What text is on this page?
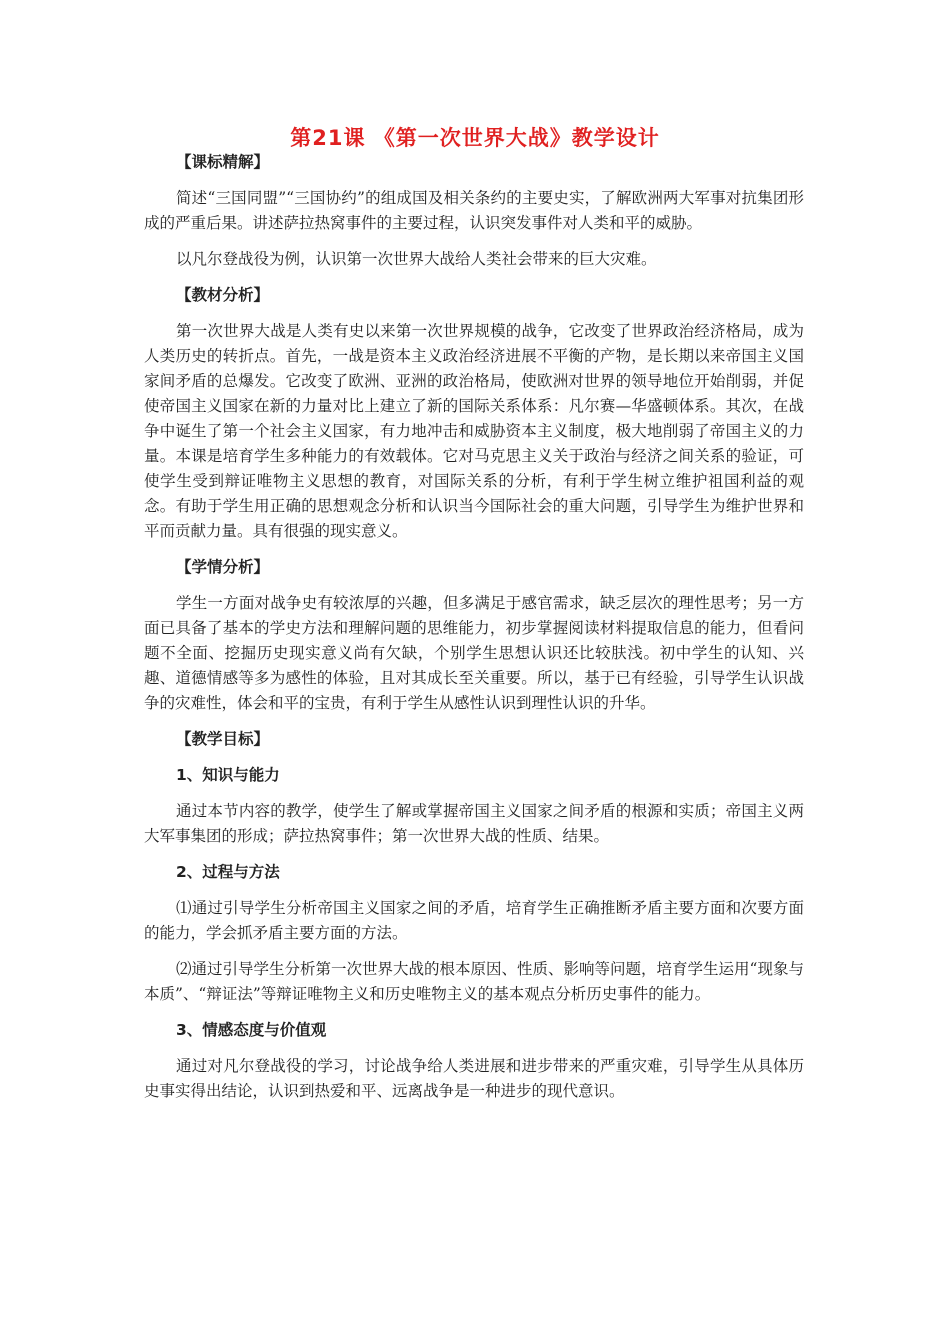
第21课 《第一次世界大战》教学设计
【课标精解】

简述“三国同盟”“三国协约”的组成国及相关条约的主要史实，了解欧洲两大军事对抗集团形成的严重后果。讲述萨拉热窝事件的主要过程，认识突发事件对人类和平的威胁。

以凡尔登战役为例，认识第一次世界大战给人类社会带来的巨大灾难。

【教材分析】

第一次世界大战是人类有史以来第一次世界规模的战争，它改变了世界政治经济格局，成为人类历史的转折点。首先，一战是资本主义政治经济进展不平衡的产物，是长期以来帝国主义国家间矛盾的总爆发。它改变了欧洲、亚洲的政治格局，使欧洲对世界的领导地位开始削弱，并促使帝国主义国家在新的力量对比上建立了新的国际关系体系：凡尔赛—华盛顿体系。其次，在战争中诞生了第一个社会主义国家，有力地冲击和威胁资本主义制度，极大地削弱了帝国主义的力量。本课是培育学生多种能力的有效载体。它对马克思主义关于政治与经济之间关系的验证，可使学生受到辩证唯物主义思想的教育，对国际关系的分析，有利于学生树立维护祖国利益的观念。有助于学生用正确的思想观念分析和认识当今国际社会的重大问题，引导学生为维护世界和平而贡献力量。具有很强的现实意义。

【学情分析】

学生一方面对战争史有较浓厚的兴趣，但多满足于感官需求，缺乏层次的理性思考；另一方面已具备了基本的学史方法和理解问题的思维能力，初步掌握阅读材料提取信息的能力，但看问题不全面、挖掘历史现实意义尚有欠缺，个别学生思想认识还比较肤浅。初中学生的认知、兴趣、道德情感等多为感性的体验，且对其成长至关重要。所以，基于已有经验，引导学生认识战争的灾难性，体会和平的宝贵，有利于学生从感性认识到理性认识的升华。

【教学目标】
1、知识与能力

通过本节内容的教学，使学生了解或掌握帝国主义国家之间矛盾的根源和实质；帝国主义两大军事集团的形成；萨拉热窝事件；第一次世界大战的性质、结果。

2、过程与方法

⑴通过引导学生分析帝国主义国家之间的矛盾，培育学生正确推断矛盾主要方面和次要方面的能力，学会抓矛盾主要方面的方法。

⑵通过引导学生分析第一次世界大战的根本原因、性质、影响等问题，培育学生运用“现象与本质”、“辩证法”等辩证唯物主义和历史唯物主义的基本观点分析历史事件的能力。

3、情感态度与价值观

通过对凡尔登战役的学习，讨论战争给人类进展和进步带来的严重灾难，引导学生从具体历史事实得出结论，认识到热爱和平、远离战争是一种进步的现代意识。
